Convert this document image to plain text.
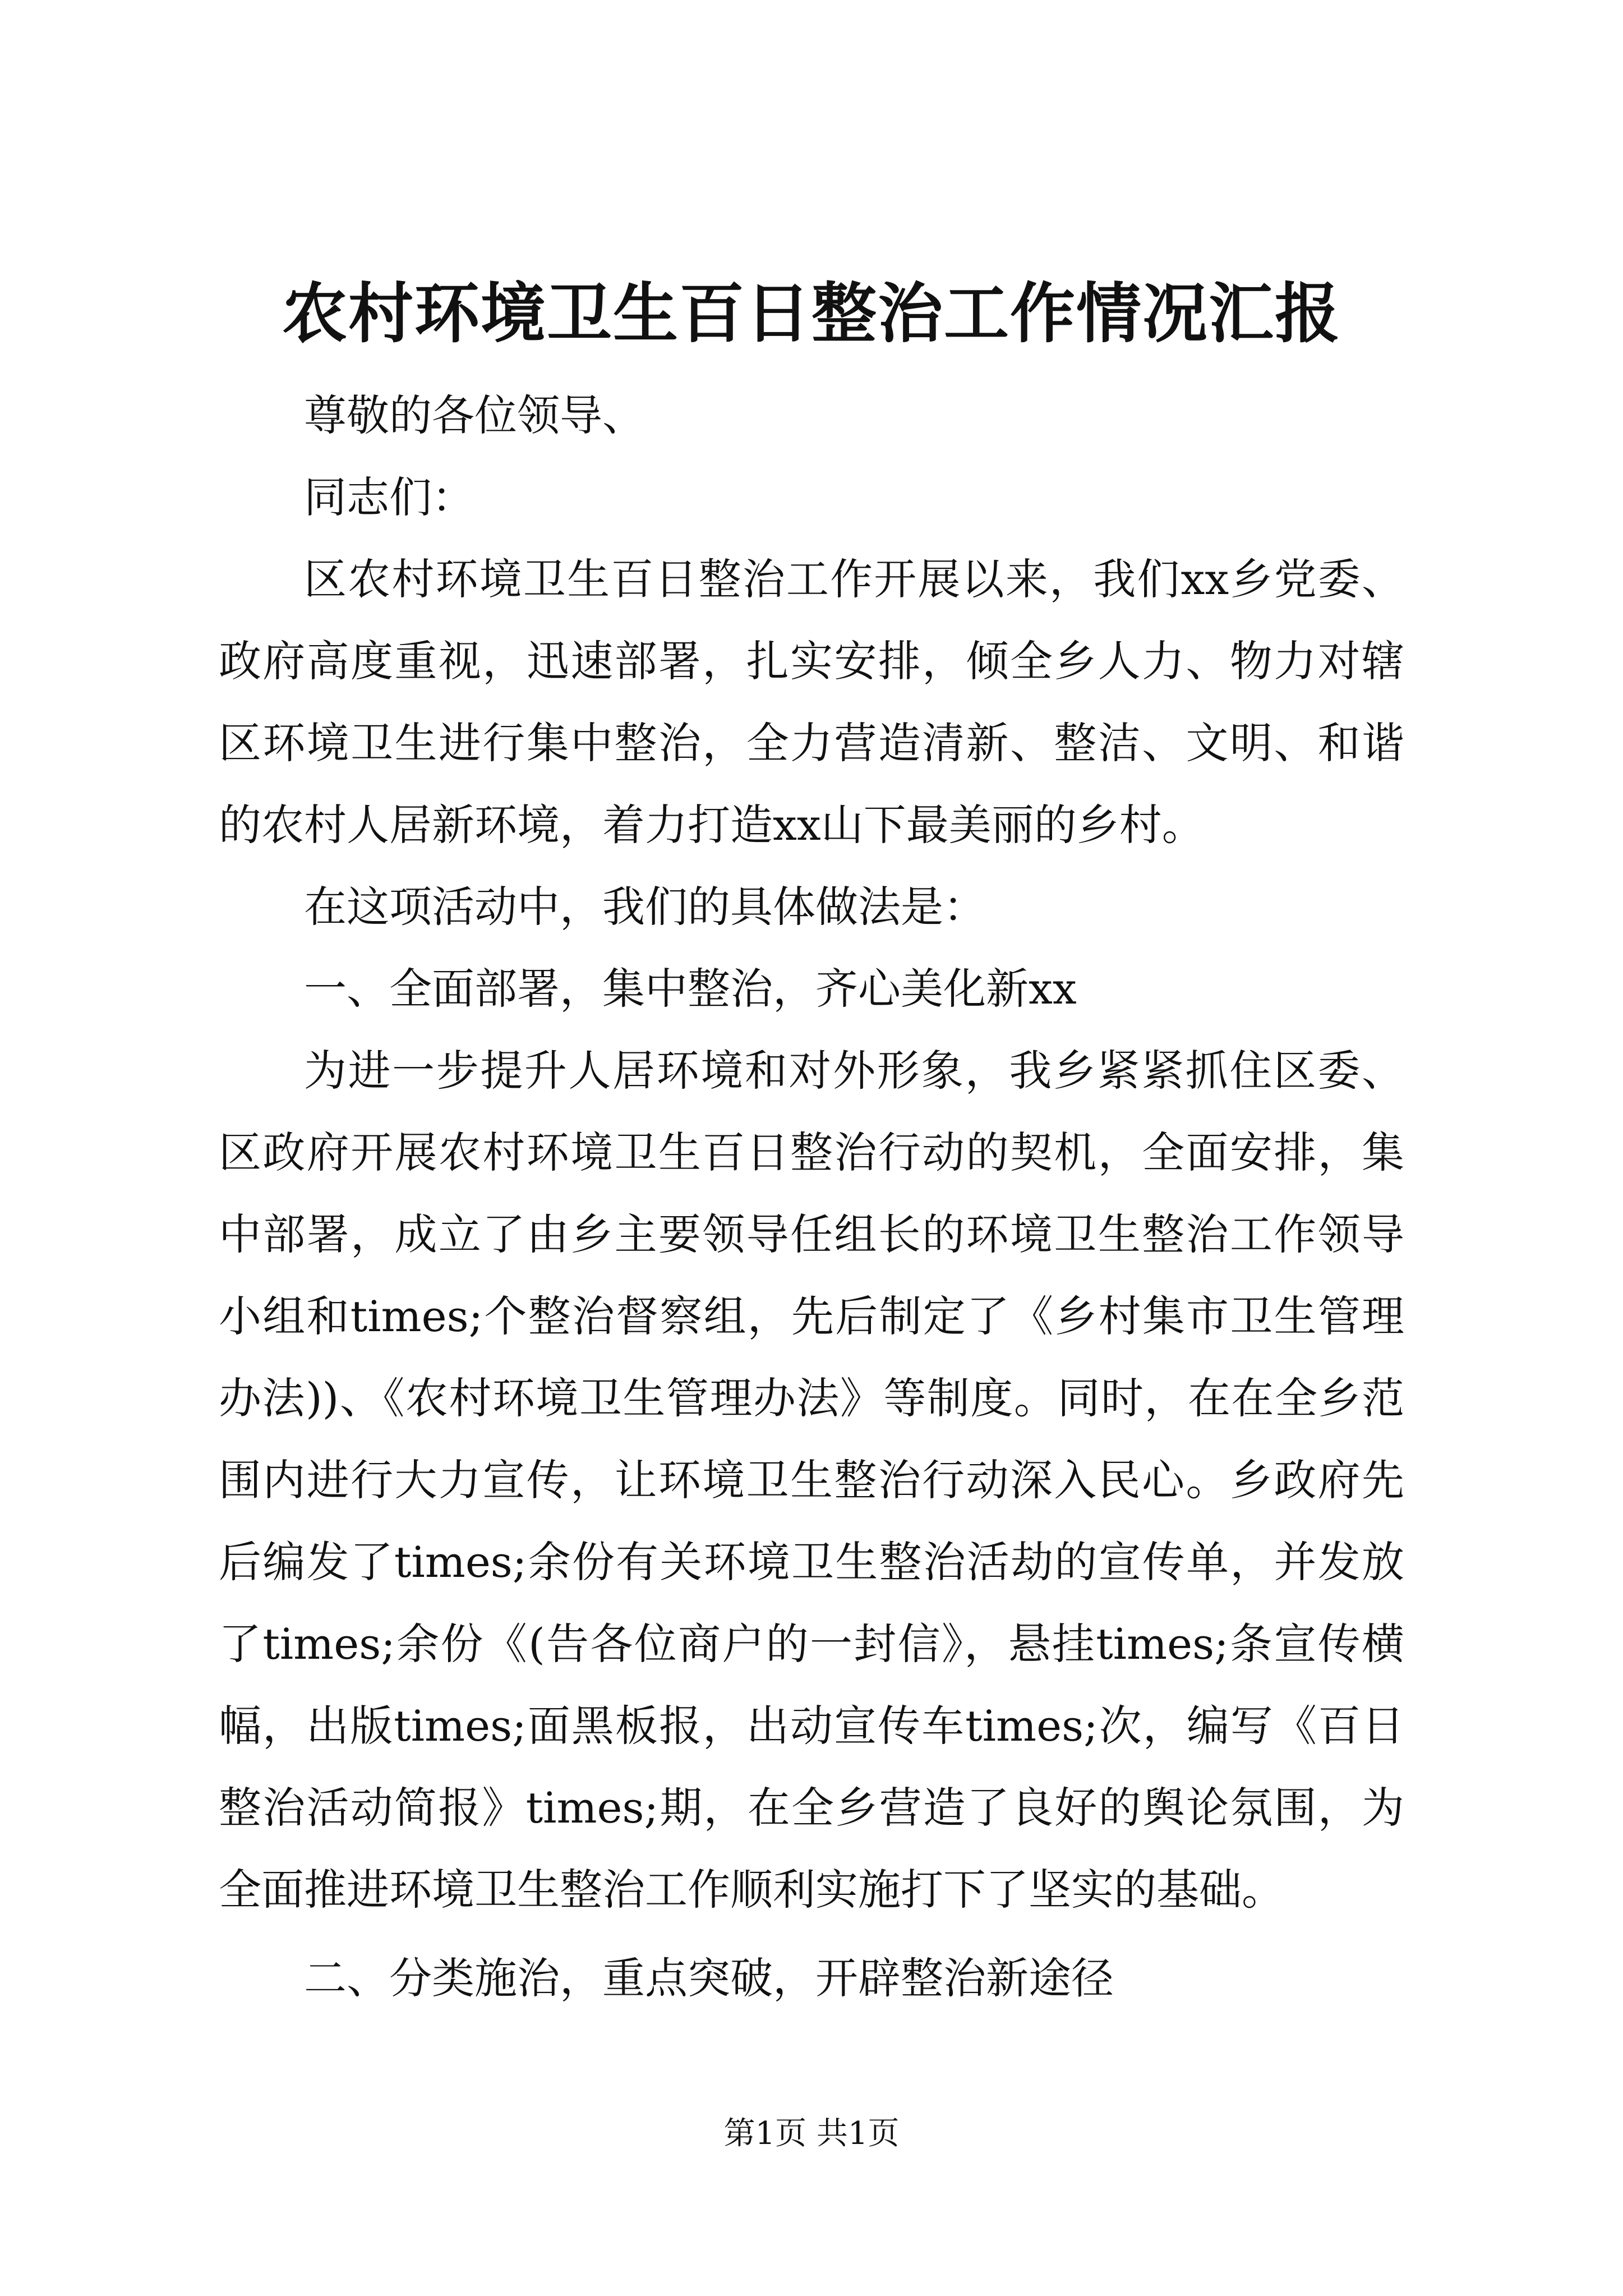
农村环境卫生百日整治工作情况汇报

尊敬的各位领导、

同志们：

区农村环境卫生百日整治工作开展以来，我们xx乡党委、政府高度重视，迅速部署，扎实安排，倾全乡人力、物力对辖区环境卫生进行集中整治，全力营造清新、整洁、文明、和谐的农村人居新环境，着力打造xx山下最美丽的乡村。

在这项活动中，我们的具体做法是：

一、全面部署，集中整治，齐心美化新xx

为进一步提升人居环境和对外形象，我乡紧紧抓住区委、区政府开展农村环境卫生百日整治行动的契机，全面安排，集中部署，成立了由乡主要领导任组长的环境卫生整治工作领导小组和times;个整治督察组，先后制定了《乡村集市卫生管理办法))、《农村环境卫生管理办法》等制度。同时，在在全乡范围内进行大力宣传，让环境卫生整治行动深入民心。乡政府先后编发了times;余份有关环境卫生整治活劫的宣传单，并发放了times;余份《(告各位商户的一封信》，悬挂times;条宣传横幅，出版times;面黑板报，出动宣传车times;次，编写《百日整治活动简报》times;期，在全乡营造了良好的舆论氛围，为全面推进环境卫生整治工作顺利实施打下了坚实的基础。

二、分类施治，重点突破，开辟整治新途径

第1页 共1页
